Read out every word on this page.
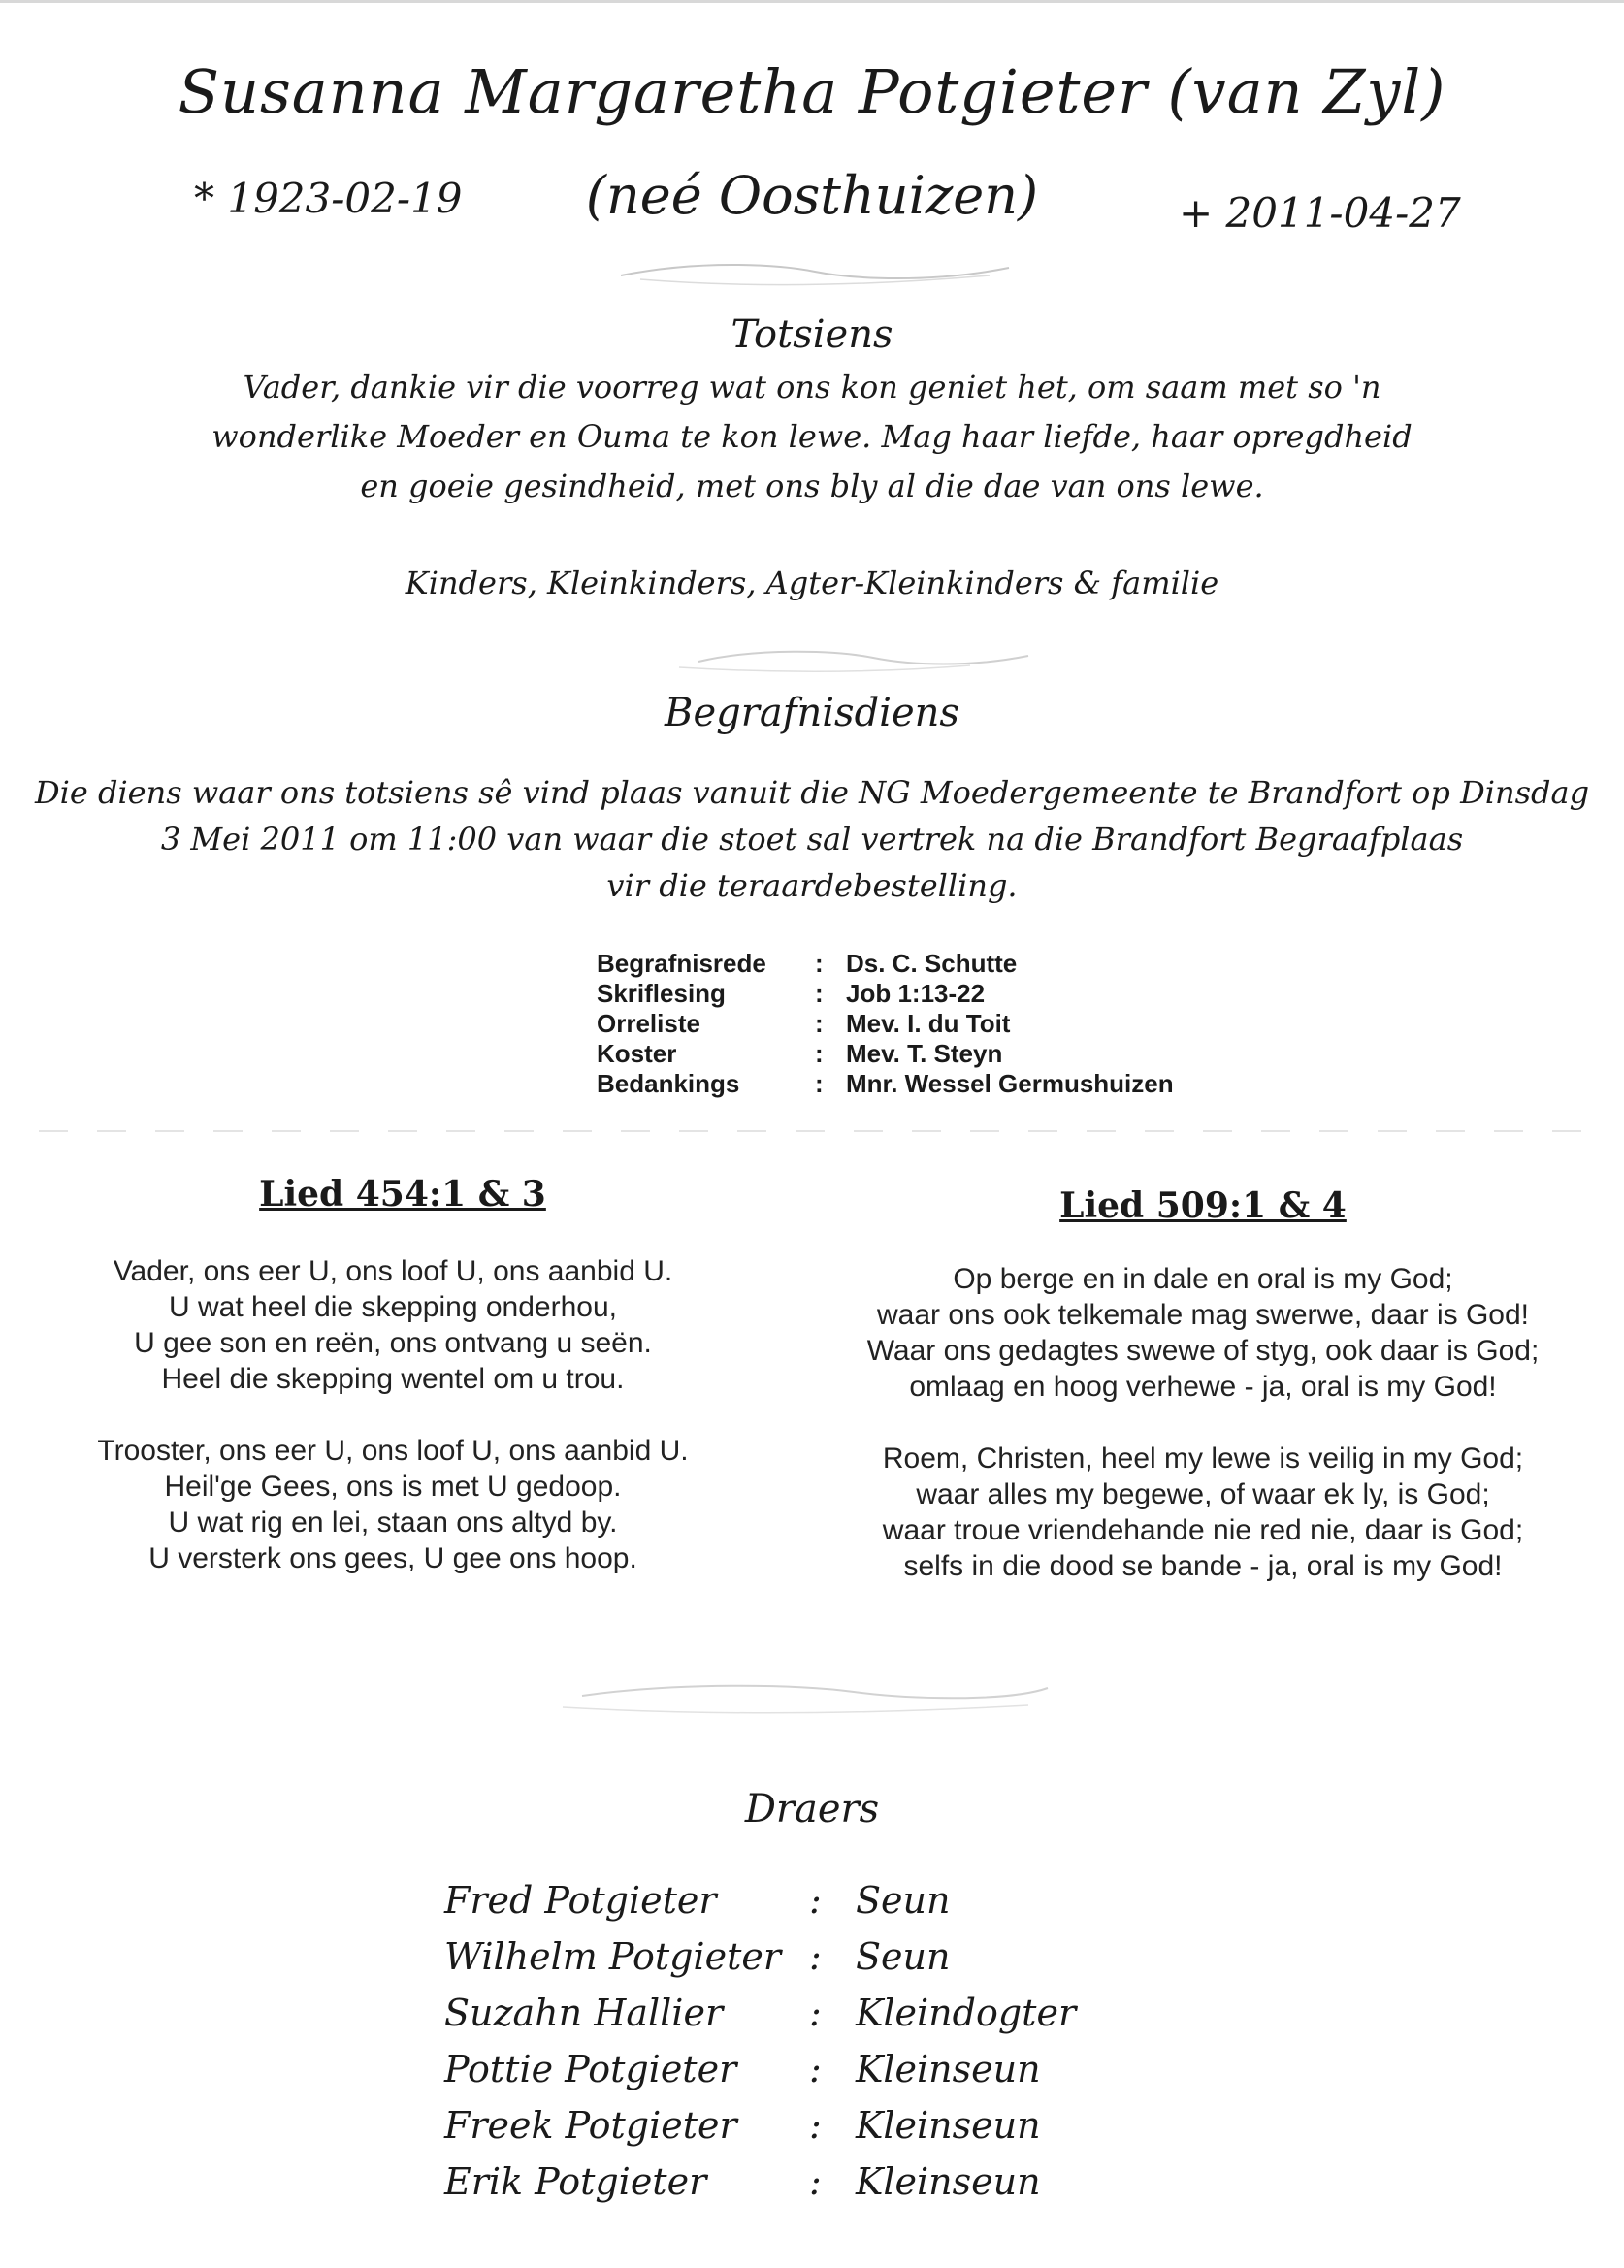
Susanna Margaretha Potgieter (van Zyl)
* 1923-02-19	(neé Oosthuizen)	+ 2011-04-27
Totsiens
Vader, dankie vir die voorreg wat ons kon geniet het, om saam met so 'n
wonderlike Moeder en Ouma te kon lewe. Mag haar liefde, haar opregdheid
en goeie gesindheid, met ons bly al die dae van ons lewe.
Kinders, Kleinkinders, Agter-Kleinkinders & familie
Begrafnisdiens
Die diens waar ons totsiens sê vind plaas vanuit die NG Moedergemeente te Brandfort op Dinsdag
3 Mei 2011 om 11:00 van waar die stoet sal vertrek na die Brandfort Begraafplaas
vir die teraardebestelling.
Begrafnisrede	: Ds. C. Schutte
Skriflesing	: Job 1:13-22
Orreliste	: Mev. I. du Toit
Koster	: Mev. T. Steyn
Bedankings	: Mnr. Wessel Germushuizen
Lied 454:1 & 3
Vader, ons eer U, ons loof U, ons aanbid U.
U wat heel die skepping onderhou,
U gee son en reën, ons ontvang u seën.
Heel die skepping wentel om u trou.
Trooster, ons eer U, ons loof U, ons aanbid U.
Heil'ge Gees, ons is met U gedoop.
U wat rig en lei, staan ons altyd by.
U versterk ons gees, U gee ons hoop.
Lied 509:1 & 4
Op berge en in dale en oral is my God;
waar ons ook telkemale mag swerwe, daar is God!
Waar ons gedagtes swewe of styg, ook daar is God;
omlaag en hoog verhewe - ja, oral is my God!
Roem, Christen, heel my lewe is veilig in my God;
waar alles my begewe, of waar ek ly, is God;
waar troue vriendehande nie red nie, daar is God;
selfs in die dood se bande - ja, oral is my God!
Draers
Fred Potgieter	: Seun
Wilhelm Potgieter : Seun
Suzahn Hallier	: Kleindogter
Pottie Potgieter	: Kleinseun
Freek Potgieter	: Kleinseun
Erik Potgieter	: Kleinseun
